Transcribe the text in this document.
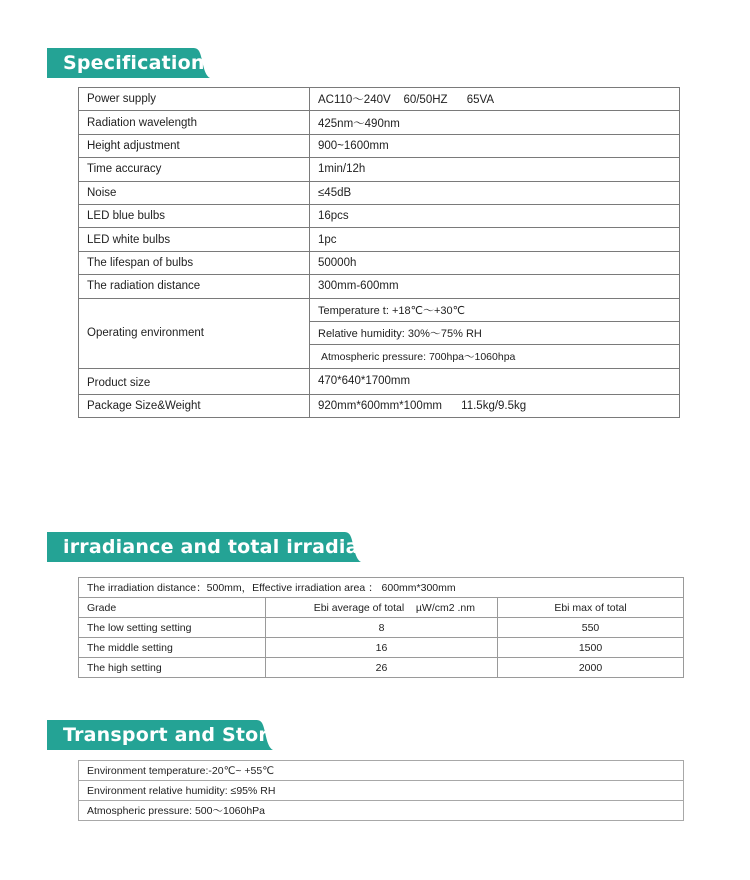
Specification
Power supply	AC110～240V    60/50HZ      65VA
Radiation wavelength	425nm～490nm
Height adjustment	900~1600mm
Time accuracy	1min/12h
Noise	≤45dB
LED blue bulbs	16pcs
LED white bulbs	1pc
The lifespan of bulbs	50000h
The radiation distance	300mm-600mm
Operating environment	Temperature t: +18℃～+30℃
	Relative humidity: 30%～75% RH
	Atmospheric pressure: 700hpa～1060hpa
Product size	470*640*1700mm
Package Size&Weight	920mm*600mm*100mm      11.5kg/9.5kg
irradiance and total irradiance
The irradiation distance：500mm，Effective irradiation area ： 600mm*300mm		
Grade	Ebi average of total    µW/cm2 .nm	Ebi max of total
The low setting setting	8	550
The middle setting	16	1500
The high setting	26	2000
Transport and Storage
Environment temperature:-20℃~ +55℃
Environment relative humidity: ≤95% RH
Atmospheric pressure: 500～1060hPa
